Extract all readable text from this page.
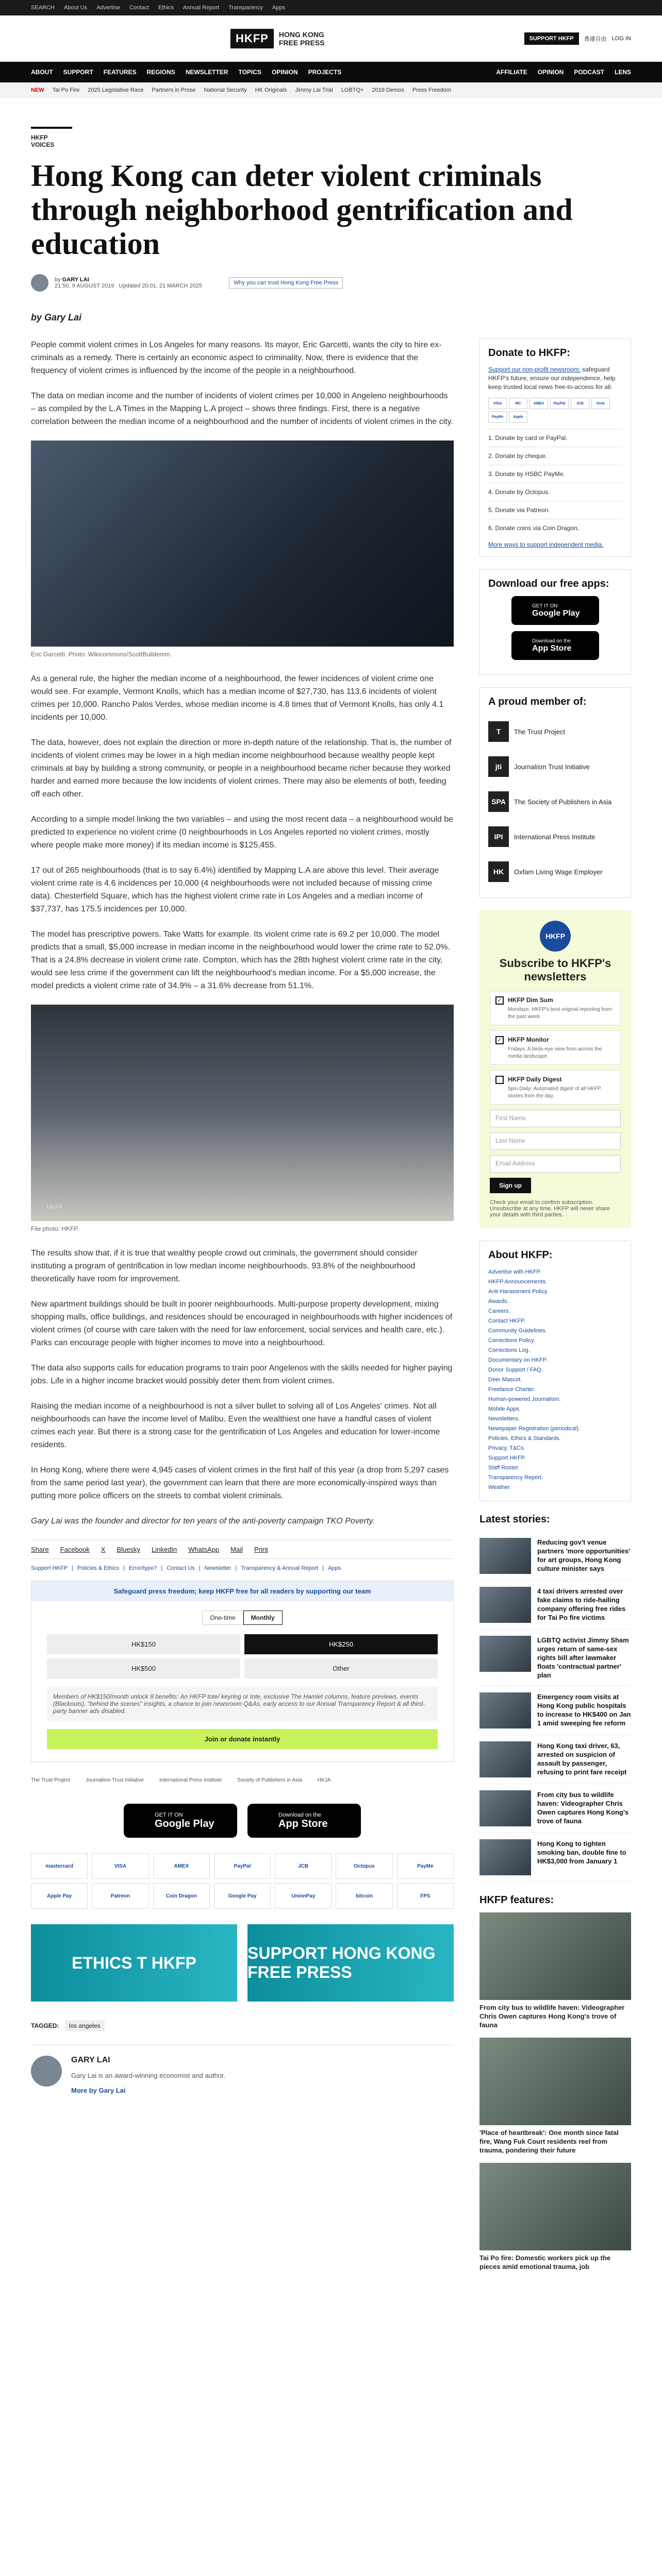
SEARCH About Us Advertise Contact Ethics Annual Report Transparency Apps
HKFP	HONG KONG
FREE PRESS	SUPPORT HKFP	香港自由 LOG IN
ABOUT SUPPORT FEATURES REGIONS NEWSLETTER TOPICS OPINION PROJECTS	AFFILIATE OPINION PODCAST LENS
NEW Tai Po Fire 2025 Legislative Race Partners in Prose National Security HK Originals Jimmy Lai Trial LGBTQ+ 2019 Demos Press Freedom
HKFP VOICES
Hong Kong can deter violent criminals through neighborhood gentrification and education
by GARY LAI
21:50, 9 AUGUST 2019 Updated 20:01, 21 MARCH 2025	Why you can trust Hong Kong Free Press
by Gary Lai

People commit violent crimes in Los Angeles for many reasons. Its mayor, Eric Garcetti, wants the city to hire ex-criminals as a remedy. There is certainly an economic aspect to criminality. Now, there is evidence that the frequency of violent crimes is influenced by the income of the people in a neighbourhood.

The data on median income and the number of incidents of violent crimes per 10,000 in Angeleno neighbourhoods – as compiled by the L.A Times in the Mapping L.A project – shows three findings. First, there is a negative correlation between the median income of a neighbourhood and the number of incidents of violent crimes in the city.

Eric Garcetti. Photo: Wikicommons/ScottBuildemm.

As a general rule, the higher the median income of a neighbourhood, the fewer incidences of violent crime one would see. For example, Vermont Knolls, which has a median income of $27,730, has 113.6 incidents of violent crimes per 10,000. Rancho Palos Verdes, whose median income is 4.8 times that of Vermont Knolls, has only 4.1 incidents per 10,000.

The data, however, does not explain the direction or more in-depth nature of the relationship. That is, the number of incidents of violent crimes may be lower in a high median income neighbourhood because wealthy people kept criminals at bay by building a strong community, or people in a neighbourhood became richer because they worked harder and earned more because the low incidents of violent crimes. There may also be elements of both, feeding off each other.

According to a simple model linking the two variables – and using the most recent data – a neighbourhood would be predicted to experience no violent crime (0 neighbourhoods in Los Angeles reported no violent crimes, mostly where people make more money) if its median income is $125,455.

17 out of 265 neighbourhoods (that is to say 6.4%) identified by Mapping L.A are above this level. Their average violent crime rate is 4.6 incidences per 10,000 (4 neighbourhoods were not included because of missing crime data). Chesterfield Square, which has the highest violent crime rate in Los Angeles and a median income of $37,737, has 175.5 incidences per 10,000.

The model has prescriptive powers. Take Watts for example. Its violent crime rate is 69.2 per 10,000. The model predicts that a small, $5,000 increase in median income in the neighbourhood would lower the crime rate to 52.0%. That is a 24.8% decrease in violent crime rate. Compton, which has the 28th highest violent crime rate in the city, would see less crime if the government can lift the neighbourhood's median income. For a $5,000 increase, the model predicts a violent crime rate of 34.9% – a 31.6% decrease from 51.1%.

HKFP
File photo: HKFP.

The results show that, if it is true that wealthy people crowd out criminals, the government should consider instituting a program of gentrification in low median income neighbourhoods. 93.8% of the neighbourhood theoretically have room for improvement.

New apartment buildings should be built in poorer neighbourhoods. Multi-purpose property development, mixing shopping malls, office buildings, and residences should be encouraged in neighbourhoods with higher incidences of violent crimes (of course with care taken with the need for law enforcement, social services and health care, etc.). Parks can encourage people with higher incomes to move into a neighbourhood.

The data also supports calls for education programs to train poor Angelenos with the skills needed for higher paying jobs. Life in a higher income bracket would possibly deter them from violent crimes.

Raising the median income of a neighbourhood is not a silver bullet to solving all of Los Angeles' crimes. Not all neighbourhoods can have the income level of Malibu. Even the wealthiest one have a handful cases of violent crimes each year. But there is a strong case for the gentrification of Los Angeles and education for lower-income residents.

In Hong Kong, where there were 4,945 cases of violent crimes in the first half of this year (a drop from 5,297 cases from the same period last year), the government can learn that there are more economically-inspired ways than putting more police officers on the streets to combat violent criminals.

Gary Lai was the founder and director for ten years of the anti-poverty campaign TKO Poverty.

Share Facebook X Bluesky LinkedIn WhatsApp Mail Print
Support HKFP | Policies & Ethics | Error/typo? | Contact Us | Newsletter | Transparency & Annual Report | Apps
Safeguard press freedom; keep HKFP free for all readers by supporting our team
One-time	Monthly
HK$150	HK$250
HK$500	Other
Members of HK$150/month unlock 8 benefits: An HKFP tote/ keyring or tote, exclusive The Hamlet columns, feature previews, events (Blackouts), "behind the scenes" insights, a chance to join newsroom Q&As, early access to our Annual Transparency Report & all third-party banner ads disabled.
Join or donate instantly
The Trust Project	Journalism Trust Initiative	International Press Institute	Society of Publishers in Asia	HKJA
GET IT ON
Google Play
Download on the
App Store
mastercard	VISA	AMEX	PayPal	JCB	Octopus	PayMe
Apple Pay	Patreon	Coin Dragon	Google Pay	UnionPay	bitcoin	FPS
ETHICS T HKFP
SUPPORT HONG KONG FREE PRESS
TAGGED: los angeles
GARY LAI

Gary Lai is an award-winning economist and author.

More by Gary Lai
Donate to HKFP:

Support our non-profit newsroom: safeguard HKFP's future, ensure our independence, help keep trusted local news free-to-access for all.

VISA	MC	AMEX	PayPal	JCB	Octo
PayMe	Apple
1. Donate by card or PayPal.
2. Donate by cheque.
3. Donate by HSBC PayMe.
4. Donate by Octopus.
5. Donate via Patreon.
6. Donate coins via Coin Dragon.
More ways to support independent media.
Download our free apps:
GET IT ON
Google Play
Download on the
App Store
A proud member of:
T	The Trust Project
jti	Journalism Trust Initiative
SPA	The Society of Publishers in Asia
IPI	International Press Institute
HK	Oxfam Living Wage Employer
HKFP
Subscribe to HKFP's newsletters
✓ HKFP Dim Sum
Mondays: HKFP's best original reporting from the past week.
✓ HKFP Monitor
Fridays: A birds-eye view from across the media landscape.
HKFP Daily Digest
5pm Daily: Automated digest of all HKFP stories from the day.
First Name
Last Name
Email Address
Sign up

Check your email to confirm subscription. Unsubscribe at any time. HKFP will never share your details with third parties.

About HKFP:
Advertise with HKFP.
HKFP Announcements.
Anti-Harassment Policy.
Awards.
Careers.
Contact HKFP.
Community Guidelines.
Corrections Policy.
Corrections Log.
Documentary on HKFP.
Donor Support / FAQ.
Deer Mascot.
Freelance Charter.
Human-powered Journalism.
Mobile Apps.
Newsletters.
Newspaper Registration (periodical).
Policies, Ethics & Standards.
Privacy, T&Cs.
Support HKFP.
Staff Roster.
Transparency Report.
Weather.
Latest stories:

Reducing gov't venue partners 'more opportunities' for art groups, Hong Kong culture minister says

4 taxi drivers arrested over fake claims to ride-hailing company offering free rides for Tai Po fire victims

LGBTQ activist Jimmy Sham urges return of same-sex rights bill after lawmaker floats 'contractual partner' plan

Emergency room visits at Hong Kong public hospitals to increase to HK$400 on Jan 1 amid sweeping fee reform

Hong Kong taxi driver, 63, arrested on suspicion of assault by passenger, refusing to print fare receipt

From city bus to wildlife haven: Videographer Chris Owen captures Hong Kong's trove of fauna

Hong Kong to tighten smoking ban, double fine to HK$3,000 from January 1

HKFP features:

From city bus to wildlife haven: Videographer Chris Owen captures Hong Kong's trove of fauna

'Place of heartbreak': One month since fatal fire, Wang Fuk Court residents reel from trauma, pondering their future

Tai Po fire: Domestic workers pick up the pieces amid emotional trauma, job
